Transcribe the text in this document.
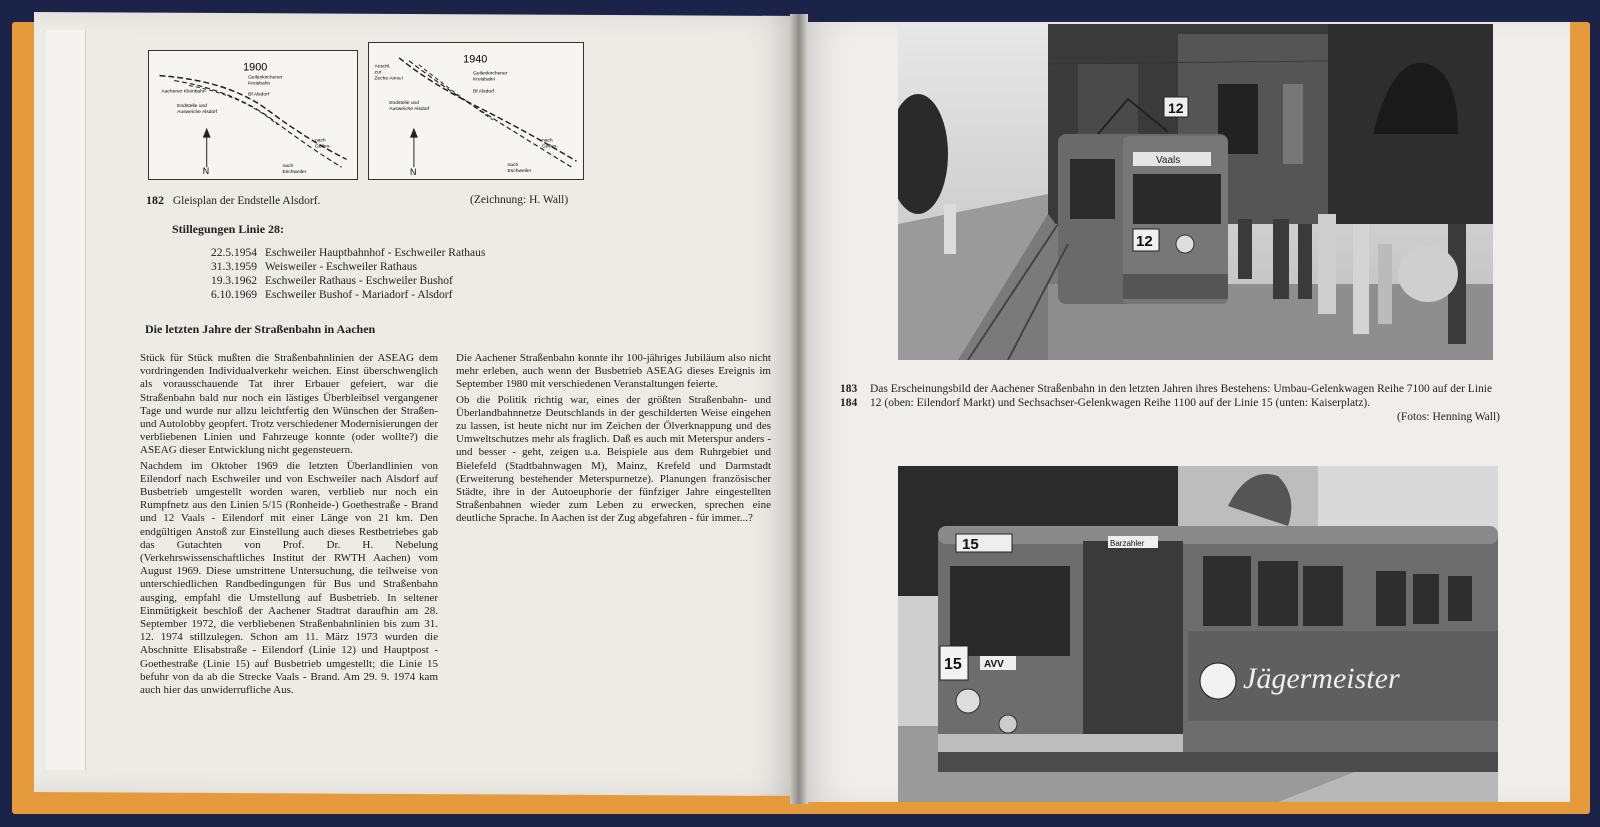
1900
Aachener Kleinbahn
Geilenkirchener
Kreisbahn
Bf Alsdorf
Endstelle und
Ausweiche Alsdorf
N
nach
Geilen-
nach
Eschweiler
1940
Anschl.
zur
Zeche Anna I
Geilenkirchener
Kreisbahn
Bf Alsdorf
Endstelle und
Ausweiche Alsdorf
N
nach
Geilen-
nach
Eschweiler
182 Gleisplan der Endstelle Alsdorf.	(Zeichnung: H. Wall)
Stillegungen Linie 28:
22.5.1954 Eschweiler Hauptbahnhof - Eschweiler Rathaus
31.3.1959 Weisweiler - Eschweiler Rathaus
19.3.1962 Eschweiler Rathaus - Eschweiler Bushof
6.10.1969 Eschweiler Bushof - Mariadorf - Alsdorf
Die letzten Jahre der Straßenbahn in Aachen

Stück für Stück mußten die Straßenbahnlinien der ASEAG dem vordringenden Individualverkehr weichen. Einst überschwenglich als vorausschauende Tat ihrer Erbauer gefeiert, war die Straßenbahn bald nur noch ein lästiges Überbleibsel vergangener Tage und wurde nur allzu leichtfertig den Wünschen der Straßen- und Autolobby geopfert. Trotz verschiedener Modernisierungen der verbliebenen Linien und Fahrzeuge konnte (oder wollte?) die ASEAG dieser Entwicklung nicht gegensteuern.

Nachdem im Oktober 1969 die letzten Überlandlinien von Eilendorf nach Eschweiler und von Eschweiler nach Alsdorf auf Busbetrieb umgestellt worden waren, verblieb nur noch ein Rumpfnetz aus den Linien 5/15 (Ronheide-) Goethestraße - Brand und 12 Vaals - Eilendorf mit einer Länge von 21 km. Den endgültigen Anstoß zur Einstellung auch dieses Restbetriebes gab das Gutachten von Prof. Dr. H. Nebelung (Verkehrswissenschaftliches Institut der RWTH Aachen) vom August 1969. Diese umstrittene Untersuchung, die teilweise von unterschiedlichen Randbedingungen für Bus und Straßenbahn ausging, empfahl die Umstellung auf Busbetrieb. In seltener Einmütigkeit beschloß der Aachener Stadtrat daraufhin am 28. September 1972, die verbliebenen Straßenbahnlinien bis zum 31. 12. 1974 stillzulegen. Schon am 11. März 1973 wurden die Abschnitte Elisabstraße - Eilendorf (Linie 12) und Hauptpost - Goethestraße (Linie 15) auf Busbetrieb umgestellt; die Linie 15 befuhr von da ab die Strecke Vaals - Brand. Am 29. 9. 1974 kam auch hier das unwiderrufliche Aus.

Die Aachener Straßenbahn konnte ihr 100-jähriges Jubiläum also nicht mehr erleben, auch wenn der Busbetrieb ASEAG dieses Ereignis im September 1980 mit verschiedenen Veranstaltungen feierte.

Ob die Politik richtig war, eines der größten Straßenbahn- und Überlandbahnnetze Deutschlands in der geschilderten Weise eingehen zu lassen, ist heute nicht nur im Zeichen der Ölverknappung und des Umweltschutzes mehr als fraglich. Daß es auch mit Meterspur anders - und besser - geht, zeigen u.a. Beispiele aus dem Ruhrgebiet und Bielefeld (Stadtbahnwagen M), Mainz, Krefeld und Darmstadt (Erweiterung bestehender Meterspurnetze). Planungen französischer Städte, ihre in der Autoeuphorie der fünfziger Jahre eingestellten Straßenbahnen wieder zum Leben zu erwecken, sprechen eine deutliche Sprache. In Aachen ist der Zug abgefahren - für immer...?

Vaals
12
12
183
184
Das Erscheinungsbild der Aachener Straßenbahn in den letzten Jahren ihres Bestehens: Umbau-Gelenkwagen Reihe 7100 auf der Linie 12 (oben: Eilendorf Markt) und Sechsachser-Gelenkwagen Reihe 1100 auf der Linie 15 (unten: Kaiserplatz).
(Fotos: Henning Wall)
15	Barzahler
Jägermeister
15 AVV
